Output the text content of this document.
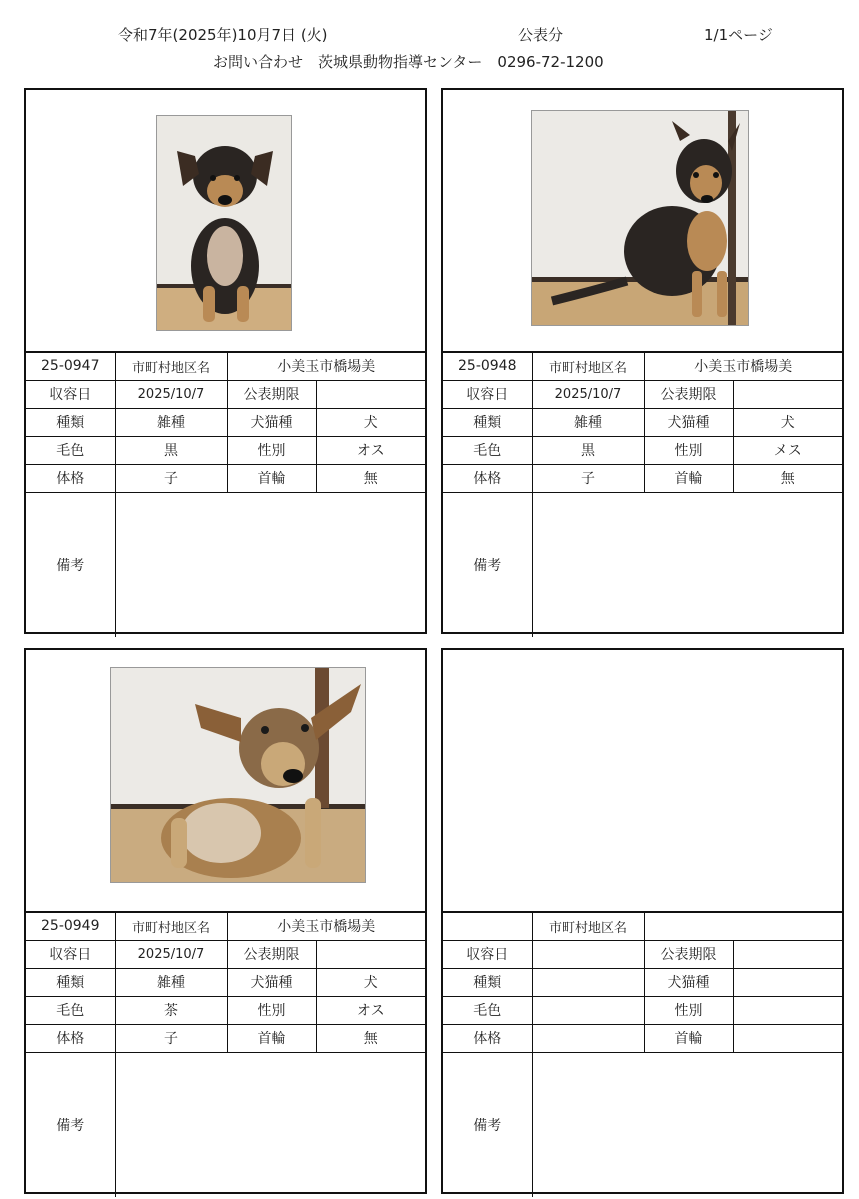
令和7年(2025年)10月7日 (火)	公表分	1/1ページ
お問い合わせ　茨城県動物指導センター　0296-72-1200
25-0947	市町村地区名	小美玉市橋場美	
収容日	2025/10/7	公表期限	
種類	雑種	犬猫種	犬
毛色	黒	性別	オス
体格	子	首輪	無
備考			
25-0948	市町村地区名	小美玉市橋場美	
収容日	2025/10/7	公表期限	
種類	雑種	犬猫種	犬
毛色	黒	性別	メス
体格	子	首輪	無
備考			
25-0949	市町村地区名	小美玉市橋場美	
収容日	2025/10/7	公表期限	
種類	雑種	犬猫種	犬
毛色	茶	性別	オス
体格	子	首輪	無
備考			
	市町村地区名		
収容日		公表期限	
種類		犬猫種	
毛色		性別	
体格		首輪	
備考			
